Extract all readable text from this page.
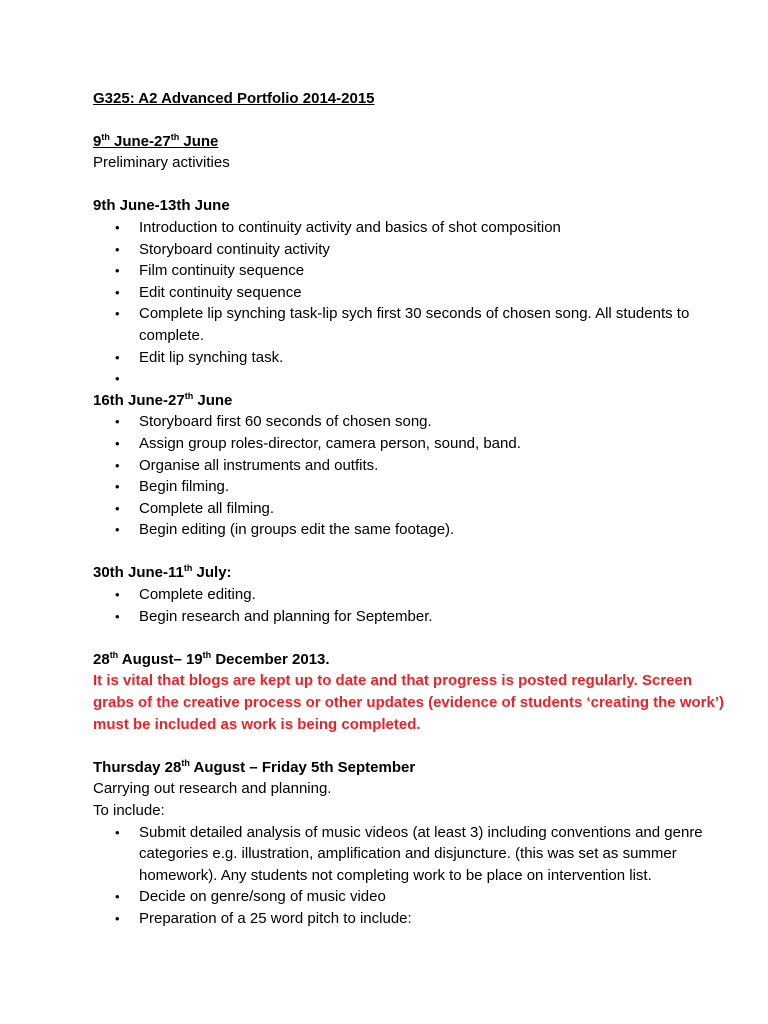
G325: A2 Advanced Portfolio 2014-2015

9th June-27th June

Preliminary activities

9th June-13th June

• Introduction to continuity activity and basics of shot composition
• Storyboard continuity activity
• Film continuity sequence
• Edit continuity sequence
• Complete lip synching task-lip sych first 30 seconds of chosen song. All students to complete.
• Edit lip synching task.
•

16th June-27th June

• Storyboard first 60 seconds of chosen song.
• Assign group roles-director, camera person, sound, band.
• Organise all instruments and outfits.
• Begin filming.
• Complete all filming.
• Begin editing (in groups edit the same footage).

30th June-11th July:

• Complete editing.
• Begin research and planning for September.

28th August– 19th December 2013.

It is vital that blogs are kept up to date and that progress is posted regularly. Screen grabs of the creative process or other updates (evidence of students ‘creating the work’) must be included as work is being completed.

Thursday 28th August – Friday 5th September

Carrying out research and planning.

To include:

• Submit detailed analysis of music videos (at least 3) including conventions and genre categories e.g. illustration, amplification and disjuncture. (this was set as summer homework). Any students not completing work to be place on intervention list.
• Decide on genre/song of music video
• Preparation of a 25 word pitch to include:
